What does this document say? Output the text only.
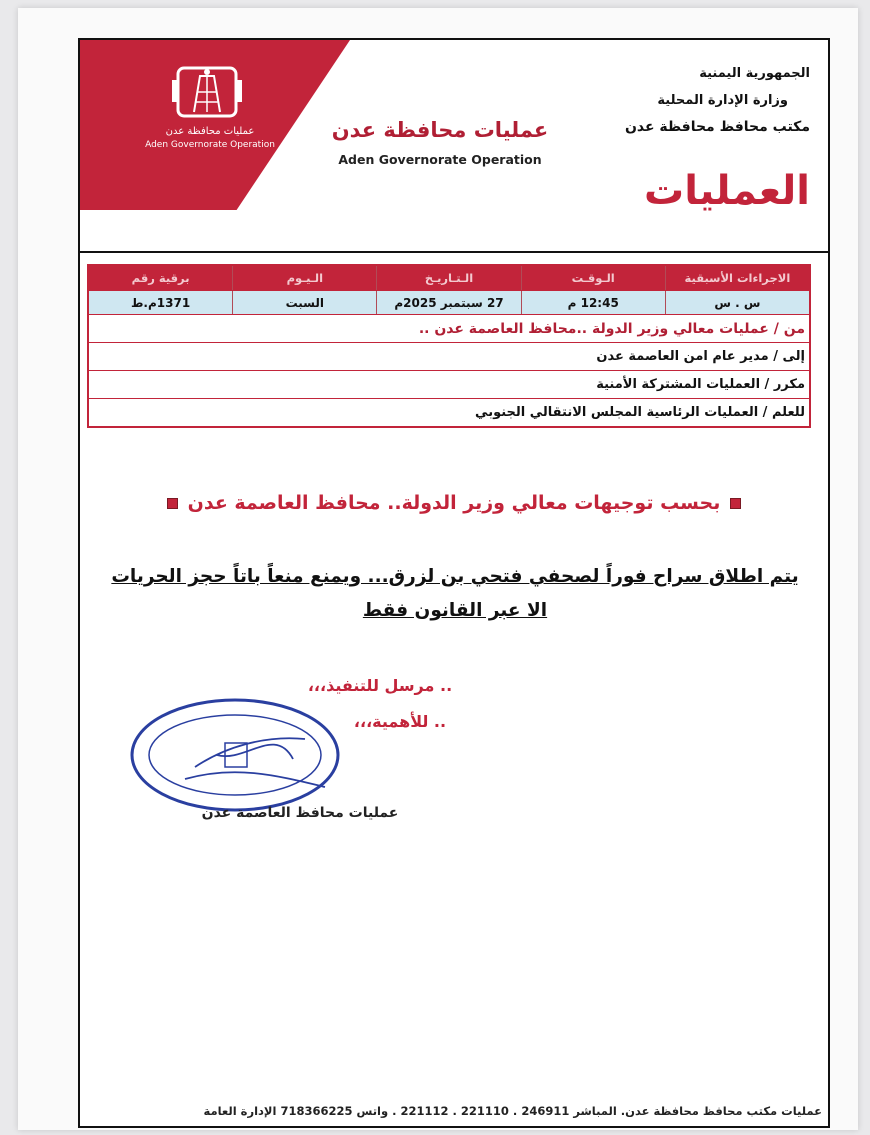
عمليات محافظة عدن
Aden Governorate Operation
عمليات محافظة عدن
Aden Governorate Operation
الجمهورية اليمنية
وزارة الإدارة المحلية
مكتب محافظ محافظة عدن
العمليات
الاجراءات الأسبقية
الـوقـت
الـتـاريـخ
الـيـوم
برقية رقم
س . س
12:45 م
27 سبتمبر 2025م
السبت
1371م.ط
من / عمليات معالي وزير الدولة ..محافظ العاصمة عدن ..
إلى / مدير عام امن العاصمة عدن
مكرر / العمليات المشتركة الأمنية
للعلم / العمليات الرئاسية المجلس الانتقالي الجنوبي
بحسب توجيهات معالي وزير الدولة.. محافظ العاصمة عدن
يتم اطلاق سراح فوراً لصحفي فتحي بن لزرق... ويمنع منعاً باتاً حجز الحريات الا عبر القانون فقط
.. مرسل للتنفيذ،،،
.. للأهمية،،،
عمليات محافظ العاصمة عدن
عمليات مكتب محافظ محافظة عدن. المباشر 246911 . 221110 . 221112 . واتس 718366225 الإدارة العامة
